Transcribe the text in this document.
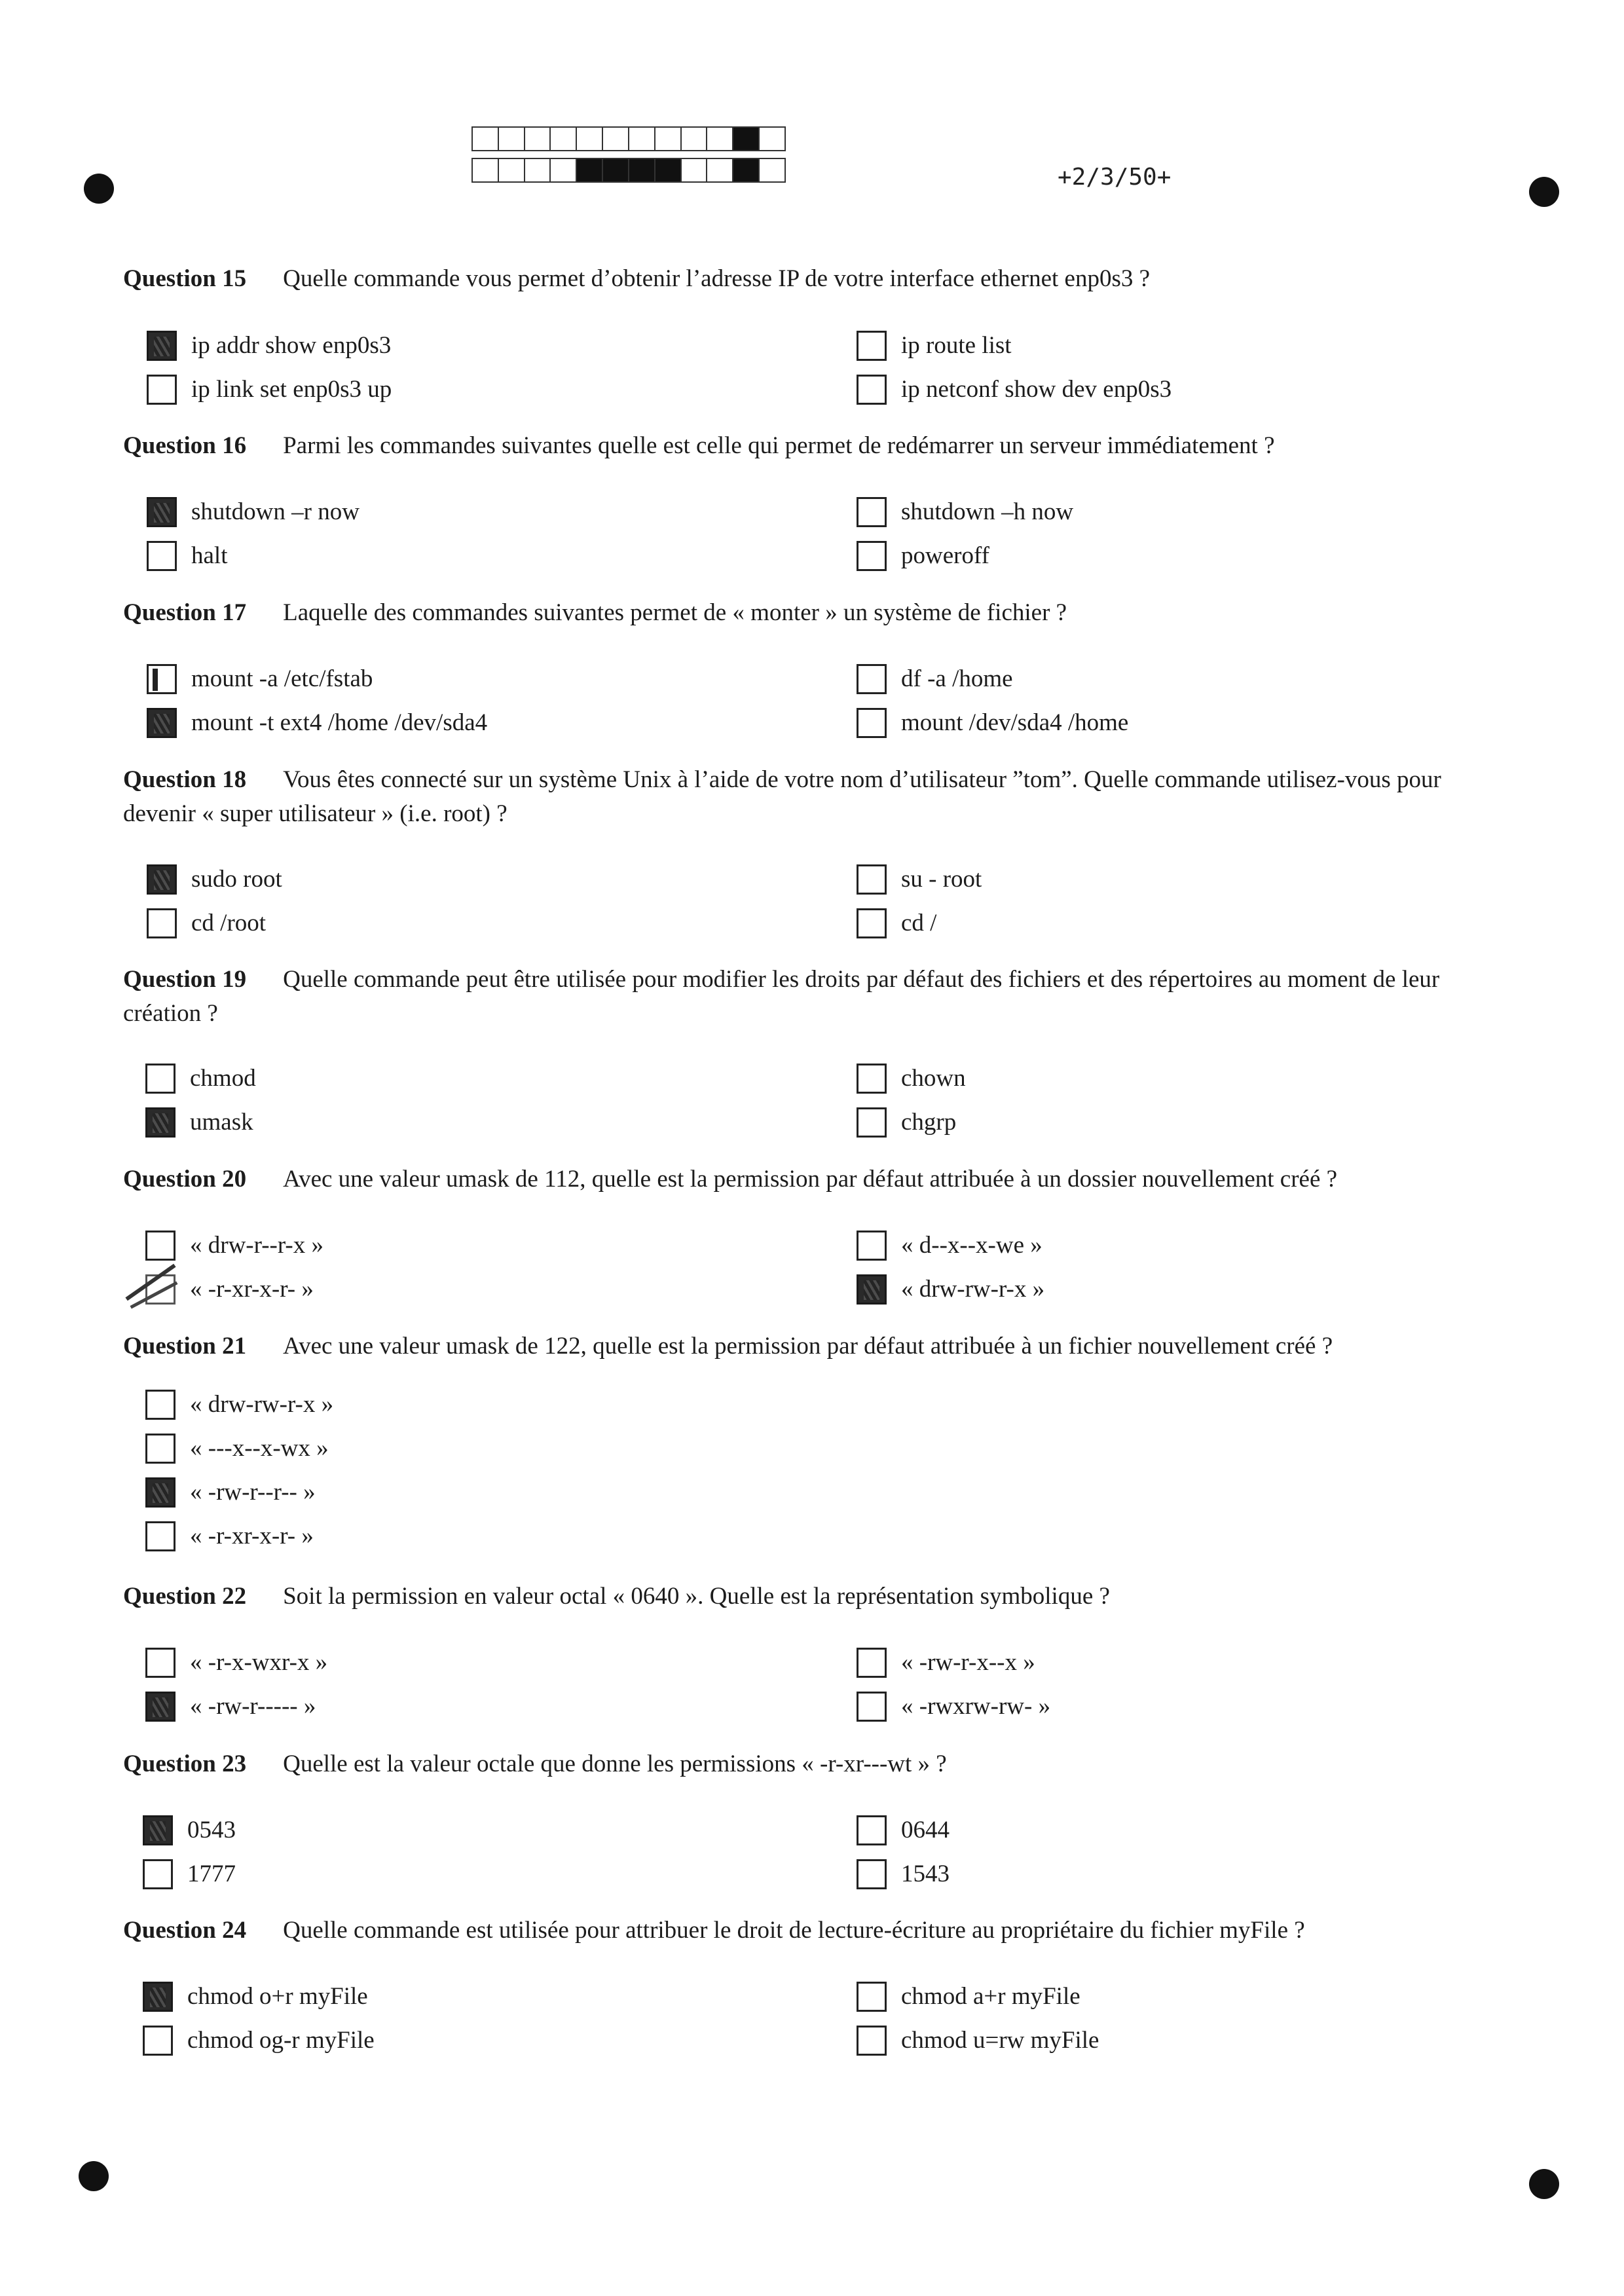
+2/3/50+
Question 15 Quelle commande vous permet d’obtenir l’adresse IP de votre interface ethernet enp0s3 ?
ip addr show enp0s3	ip route list
ip link set enp0s3 up	ip netconf show dev enp0s3
Question 16 Parmi les commandes suivantes quelle est celle qui permet de redémarrer un serveur immédiatement ?
shutdown –r now	shutdown –h now
halt	poweroff
Question 17 Laquelle des commandes suivantes permet de « monter » un système de fichier ?
mount -a /etc/fstab	df -a /home
mount -t ext4 /home /dev/sda4	mount /dev/sda4 /home
Question 18 Vous êtes connecté sur un système Unix à l’aide de votre nom d’utilisateur ”tom”. Quelle commande utilisez-vous pour devenir « super utilisateur » (i.e. root) ?
sudo root	su - root
cd /root	cd /
Question 19 Quelle commande peut être utilisée pour modifier les droits par défaut des fichiers et des répertoires au moment de leur création ?
chmod	chown
umask	chgrp
Question 20 Avec une valeur umask de 112, quelle est la permission par défaut attribuée à un dossier nouvellement créé ?
« drw-r--r-x »	« d--x--x-we »
« -r-xr-x-r- »	« drw-rw-r-x »
Question 21 Avec une valeur umask de 122, quelle est la permission par défaut attribuée à un fichier nouvellement créé ?
« drw-rw-r-x »
« ---x--x-wx »
« -rw-r--r-- »
« -r-xr-x-r- »
Question 22 Soit la permission en valeur octal « 0640 ». Quelle est la représentation symbolique ?
« -r-x-wxr-x »	« -rw-r-x--x »
« -rw-r----- »	« -rwxrw-rw- »
Question 23 Quelle est la valeur octale que donne les permissions « -r-xr---wt » ?
0543	0644
1777	1543
Question 24 Quelle commande est utilisée pour attribuer le droit de lecture-écriture au propriétaire du fichier myFile ?
chmod o+r myFile	chmod a+r myFile
chmod og-r myFile	chmod u=rw myFile
